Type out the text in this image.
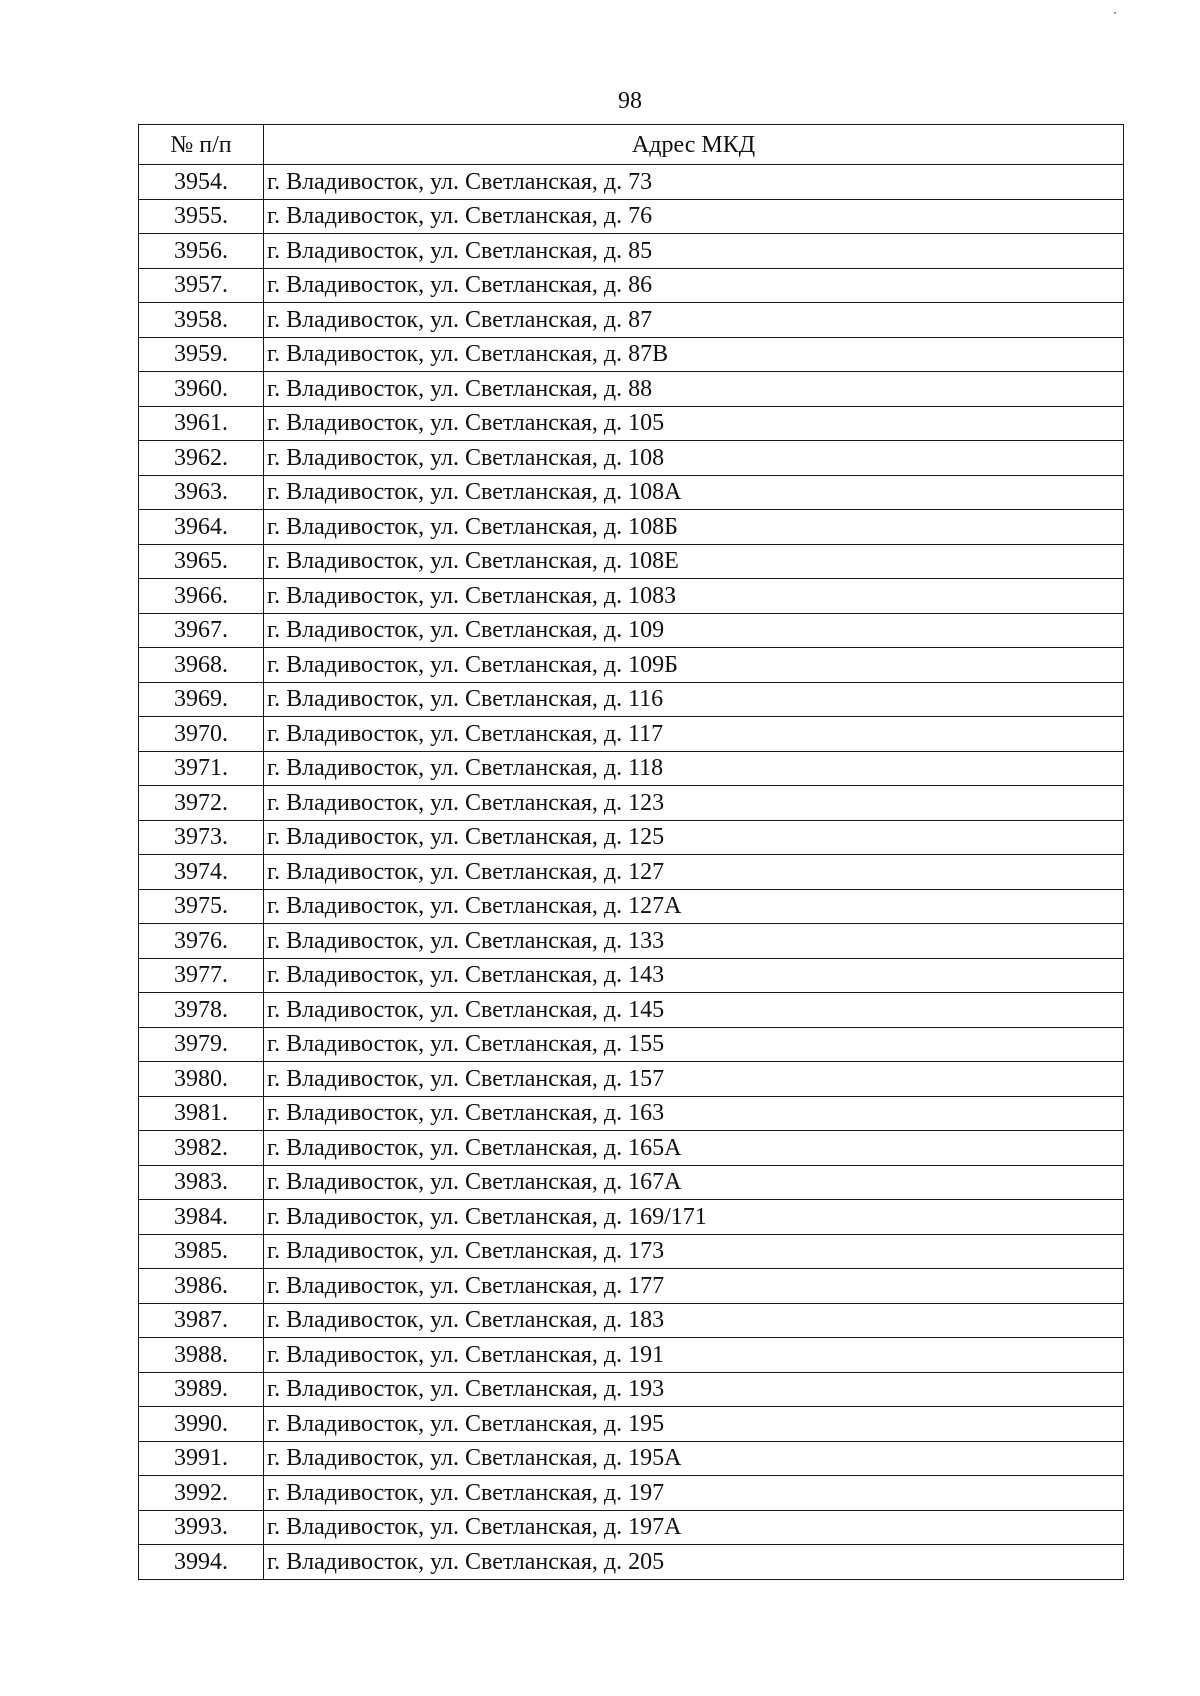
98
№ п/п	Адрес МКД
3954.	г. Владивосток, ул. Светланская, д. 73
3955.	г. Владивосток, ул. Светланская, д. 76
3956.	г. Владивосток, ул. Светланская, д. 85
3957.	г. Владивосток, ул. Светланская, д. 86
3958.	г. Владивосток, ул. Светланская, д. 87
3959.	г. Владивосток, ул. Светланская, д. 87В
3960.	г. Владивосток, ул. Светланская, д. 88
3961.	г. Владивосток, ул. Светланская, д. 105
3962.	г. Владивосток, ул. Светланская, д. 108
3963.	г. Владивосток, ул. Светланская, д. 108А
3964.	г. Владивосток, ул. Светланская, д. 108Б
3965.	г. Владивосток, ул. Светланская, д. 108Е
3966.	г. Владивосток, ул. Светланская, д. 108З
3967.	г. Владивосток, ул. Светланская, д. 109
3968.	г. Владивосток, ул. Светланская, д. 109Б
3969.	г. Владивосток, ул. Светланская, д. 116
3970.	г. Владивосток, ул. Светланская, д. 117
3971.	г. Владивосток, ул. Светланская, д. 118
3972.	г. Владивосток, ул. Светланская, д. 123
3973.	г. Владивосток, ул. Светланская, д. 125
3974.	г. Владивосток, ул. Светланская, д. 127
3975.	г. Владивосток, ул. Светланская, д. 127А
3976.	г. Владивосток, ул. Светланская, д. 133
3977.	г. Владивосток, ул. Светланская, д. 143
3978.	г. Владивосток, ул. Светланская, д. 145
3979.	г. Владивосток, ул. Светланская, д. 155
3980.	г. Владивосток, ул. Светланская, д. 157
3981.	г. Владивосток, ул. Светланская, д. 163
3982.	г. Владивосток, ул. Светланская, д. 165А
3983.	г. Владивосток, ул. Светланская, д. 167А
3984.	г. Владивосток, ул. Светланская, д. 169/171
3985.	г. Владивосток, ул. Светланская, д. 173
3986.	г. Владивосток, ул. Светланская, д. 177
3987.	г. Владивосток, ул. Светланская, д. 183
3988.	г. Владивосток, ул. Светланская, д. 191
3989.	г. Владивосток, ул. Светланская, д. 193
3990.	г. Владивосток, ул. Светланская, д. 195
3991.	г. Владивосток, ул. Светланская, д. 195А
3992.	г. Владивосток, ул. Светланская, д. 197
3993.	г. Владивосток, ул. Светланская, д. 197А
3994.	г. Владивосток, ул. Светланская, д. 205
